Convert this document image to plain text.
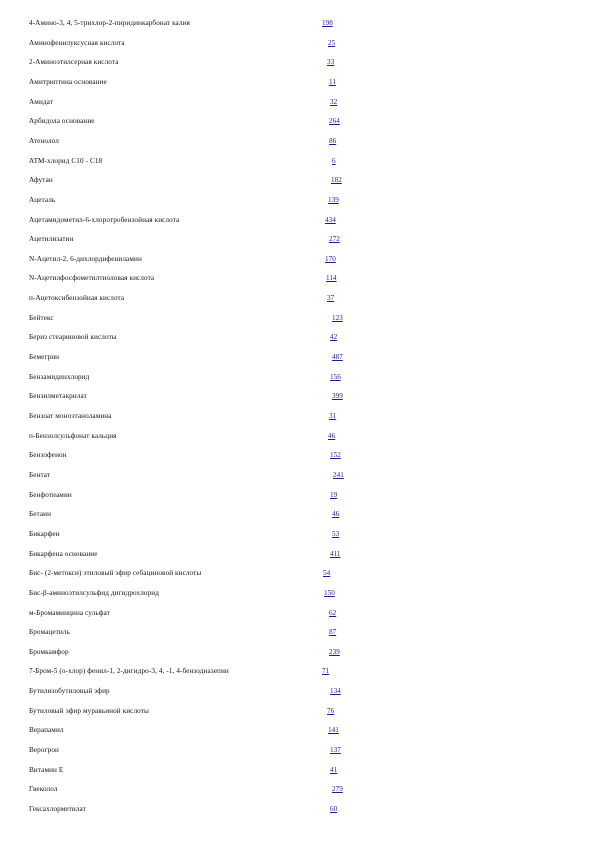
4-Амино-3, 4, 5-трихлор-2-пиридинкарбонат калия	198
Аминофенилуксусная кислота	25
2-Аминоэтилсерная кислота	33
Амитриптина основание	11
Амидат	32
Арбидола основание	264
Атенолол	86
АТМ-хлорид С10 - С18	6
Афутан	182
Ацеталь	139
Ацетамидометил-6-хлоротробензойная кислота	434
Ацетилизатин	272
N-Ацетил-2, 6-дихлордифениламин	170
N-Ацетилфосфометилтиоловая кислота	114
п-Ацетоксибензойная кислота	37
Бейтекс	123
Бериз стеариновой кислоты	42
Бемегрин	487
Бензамидинхлорид	156
Бензилметакрилат	399
Бензоат моноэтаноламина	31
п-Бензолсульфонат кальция	46
Бензофенон	152
Бентат	241
Бенфотиамин	19
Бетаин	46
Бикарфен	53
Бикарфена основание	411
Бис- (2-метокси) этиловый эфир себациновой кислоты	54
Бис-β-аминоэтилсульфид дигидрохлорид	150
м-Бромаминцина сульфат	62
Бромацетиль	87
Бромкамфор	239
7-Бром-5 (о-хлор) фенил-1, 2-дигидро-3, 4, -1, 4-бензодиазепин	71
Бутилизобутиловый эфир	134
Бутиловый эфир муравьиной кислоты	76
Верапамил	141
Верогрон	137
Витамин Е	41
Гвеколол	279
Гексахлорметилат	60
